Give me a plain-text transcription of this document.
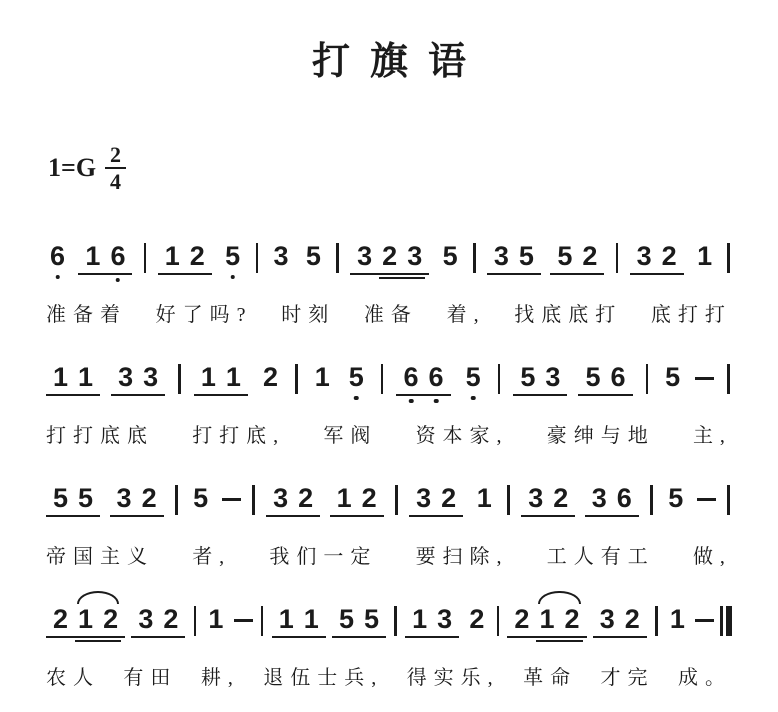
打旗语
$1=G \frac{2}{4}$
6 1 6 1 2 5 3 5 3 2 3 5 3 5 5 2 3 2 1
准备着 好了吗? 时刻 准备 着, 找底底打 底打打
1 1 3 3 1 1 2 1 5 6 6 5 5 3 5 6 5
打打底底 打打底, 军阀 资本家, 豪绅与地 主,
5 5 3 2 5 3 2 1 2 3 2 1 3 2 3 6 5
帝国主义 者, 我们一定 要扫除, 工人有工 做,
2 1 2 3 2 1 1 1 5 5 1 3 2 2 1 2 3 2 1
农人 有田 耕, 退伍士兵, 得实乐, 革命 才完 成。
